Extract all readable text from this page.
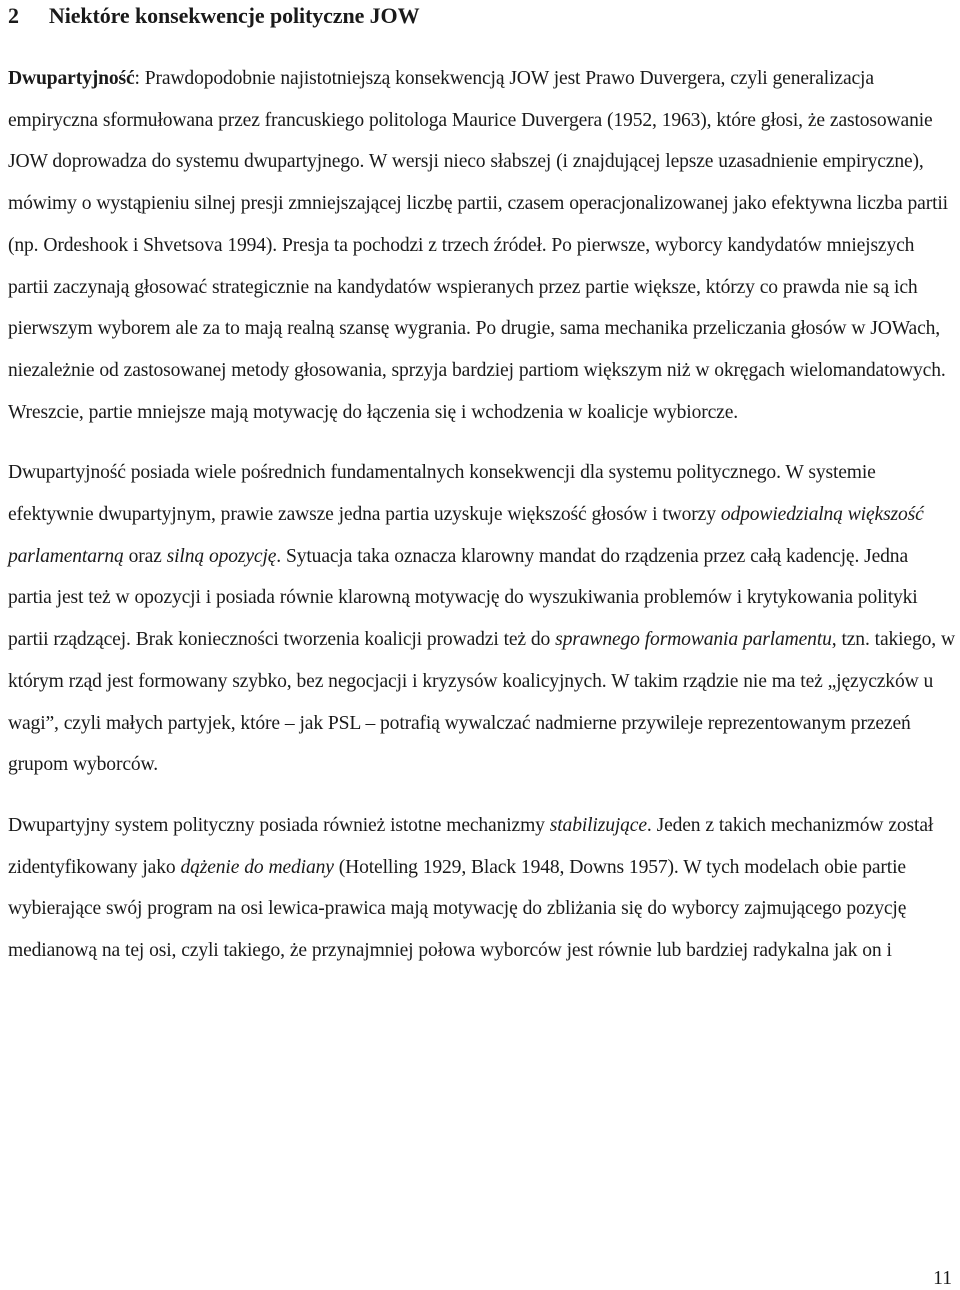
2 Niektóre konsekwencje polityczne JOW

Dwupartyjność: Prawdopodobnie najistotniejszą konsekwencją JOW jest Prawo Duvergera, czyli generalizacja empiryczna sformułowana przez francuskiego politologa Maurice Duvergera (1952, 1963), które głosi, że zastosowanie JOW doprowadza do systemu dwupartyjnego. W wersji nieco słabszej (i znajdującej lepsze uzasadnienie empiryczne), mówimy o wystąpieniu silnej presji zmniejszającej liczbę partii, czasem operacjonalizowanej jako efektywna liczba partii (np. Ordeshook i Shvetsova 1994). Presja ta pochodzi z trzech źródeł. Po pierwsze, wyborcy kandydatów mniejszych partii zaczynają głosować strategicznie na kandydatów wspieranych przez partie większe, którzy co prawda nie są ich pierwszym wyborem ale za to mają realną szansę wygrania. Po drugie, sama mechanika przeliczania głosów w JOWach, niezależnie od zastosowanej metody głosowania, sprzyja bardziej partiom większym niż w okręgach wielomandatowych. Wreszcie, partie mniejsze mają motywację do łączenia się i wchodzenia w koalicje wybiorcze.

Dwupartyjność posiada wiele pośrednich fundamentalnych konsekwencji dla systemu politycznego. W systemie efektywnie dwupartyjnym, prawie zawsze jedna partia uzyskuje większość głosów i tworzy odpowiedzialną większość parlamentarną oraz silną opozycję. Sytuacja taka oznacza klarowny mandat do rządzenia przez całą kadencję. Jedna partia jest też w opozycji i posiada równie klarowną motywację do wyszukiwania problemów i krytykowania polityki partii rządzącej. Brak konieczności tworzenia koalicji prowadzi też do sprawnego formowania parlamentu, tzn. takiego, w którym rząd jest formowany szybko, bez negocjacji i kryzysów koalicyjnych. W takim rządzie nie ma też „języczków u wagi”, czyli małych partyjek, które – jak PSL – potrafią wywalczać nadmierne przywileje reprezentowanym przezeń grupom wyborców.

Dwupartyjny system polityczny posiada również istotne mechanizmy stabilizujące. Jeden z takich mechanizmów został zidentyfikowany jako dążenie do mediany (Hotelling 1929, Black 1948, Downs 1957). W tych modelach obie partie wybierające swój program na osi lewica-prawica mają motywację do zbliżania się do wyborcy zajmującego pozycję medianową na tej osi, czyli takiego, że przynajmniej połowa wyborców jest równie lub bardziej radykalna jak on i

11
